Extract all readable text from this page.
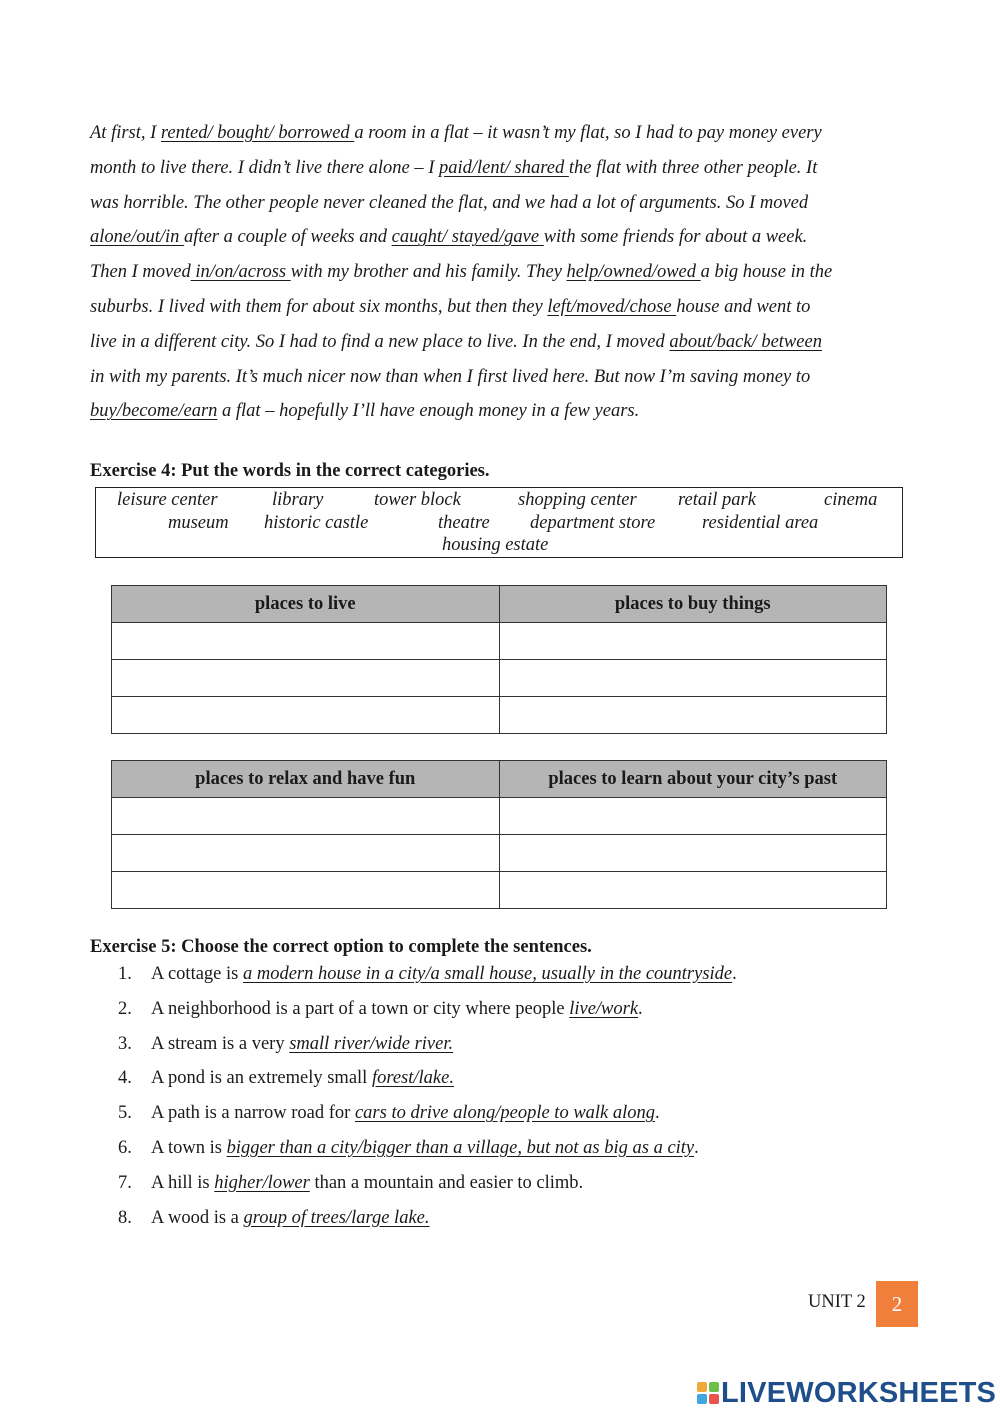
At first, I rented/ bought/ borrowed a room in a flat – it wasn’t my flat, so I had to pay money every
month to live there. I didn’t live there alone – I paid/lent/ shared the flat with three other people. It
was horrible. The other people never cleaned the flat, and we had a lot of arguments. So I moved
alone/out/in after a couple of weeks and caught/ stayed/gave with some friends for about a week.
Then I moved in/on/across with my brother and his family. They help/owned/owed a big house in the
suburbs. I lived with them for about six months, but then they left/moved/chose house and went to
live in a different city. So I had to find a new place to live. In the end, I moved about/back/ between
in with my parents. It’s much nicer now than when I first lived here. But now I’m saving money to
buy/become/earn a flat – hopefully I’ll have enough money in a few years.
Exercise 4: Put the words in the correct categories.
leisure center	library	tower block	shopping center retail park	cinema
museum historic castle	theatre department store	residential area
housing estate
places to live	places to buy things

places to relax and have fun	places to learn about your city’s past

Exercise 5: Choose the correct option to complete the sentences.
1. A cottage is a modern house in a city/a small house, usually in the countryside.
2. A neighborhood is a part of a town or city where people live/work.
3. A stream is a very small river/wide river.
4. A pond is an extremely small forest/lake.
5. A path is a narrow road for cars to drive along/people to walk along.
6. A town is bigger than a city/bigger than a village, but not as big as a city.
7. A hill is higher/lower than a mountain and easier to climb.
8. A wood is a group of trees/large lake.
UNIT 2	2
LIVEWORKSHEETS
